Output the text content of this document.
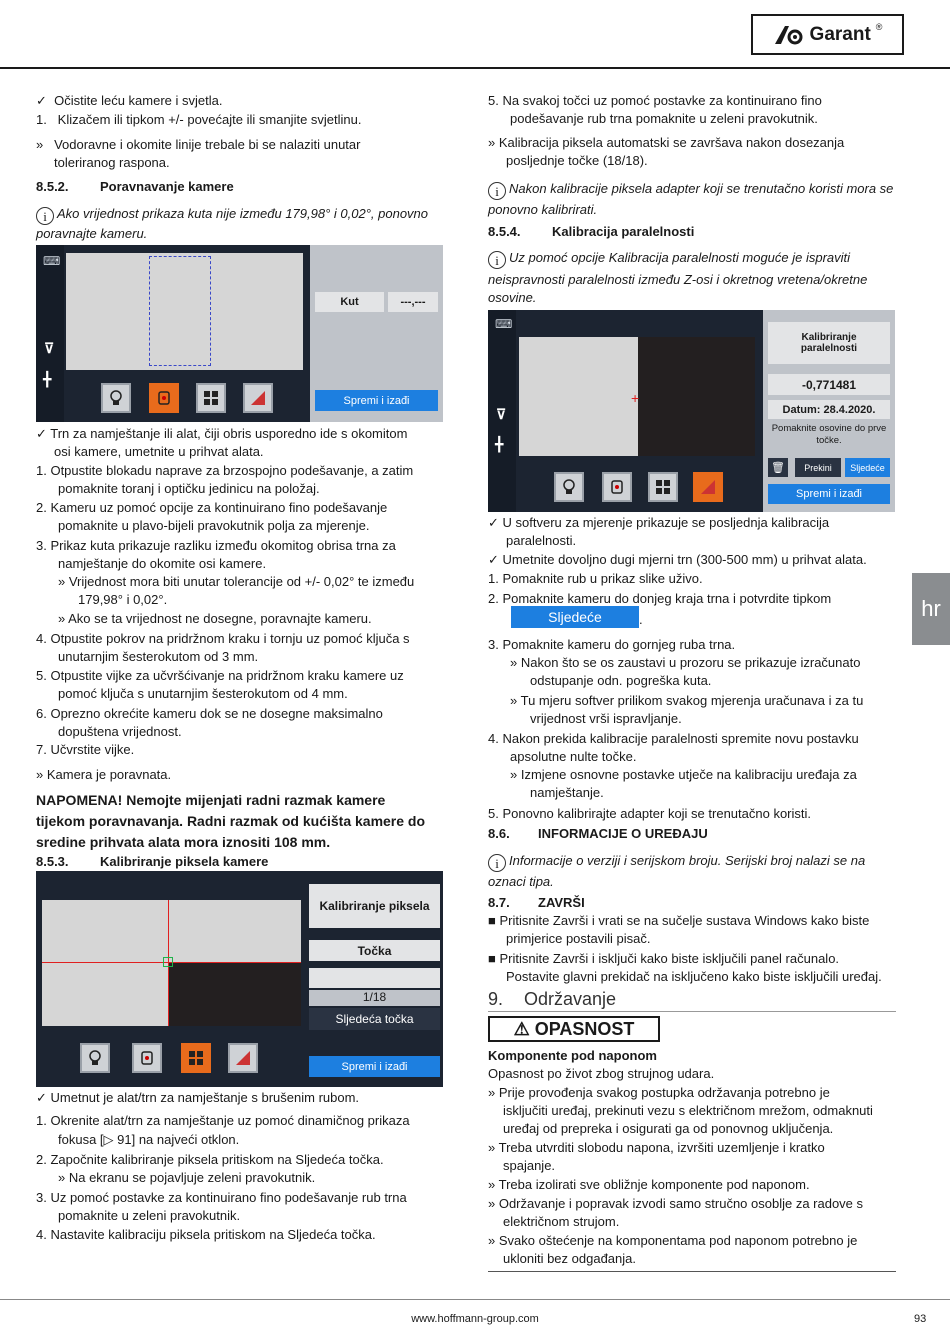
Garant ®
✓  Očistite leću kamere i svjetla.
1.   Klizačem ili tipkom +/- povećajte ili smanjite svjetlinu.
»   Vodoravne i okomite linije trebale bi se nalaziti unutar
toleriranog raspona.
8.5.2. Poravnavanje kamere
i Ako vrijednost prikaza kuta nije između 179,98° i 0,02°, ponovno
poravnajte kameru.
⌨
⊽
╋
Kut	---,---
Spremi i izađi
✓ Trn za namještanje ili alat, čiji obris usporedno ide s okomitom
osi kamere, umetnite u prihvat alata.
1. Otpustite blokadu naprave za brzospojno podešavanje, a zatim
pomaknite toranj i optičku jedinicu na položaj.
2. Kameru uz pomoć opcije za kontinuirano fino podešavanje
pomaknite u plavo-bijeli pravokutnik polja za mjerenje.
3. Prikaz kuta prikazuje razliku između okomitog obrisa trna za
namještanje do okomite osi kamere.
» Vrijednost mora biti unutar tolerancije od +/- 0,02° te između
179,98° i 0,02°.
» Ako se ta vrijednost ne dosegne, poravnajte kameru.
4. Otpustite pokrov na pridržnom kraku i tornju uz pomoć ključa s
unutarnjim šesterokutom od 3 mm.
5. Otpustite vijke za učvršćivanje na pridržnom kraku kamere uz
pomoć ključa s unutarnjim šesterokutom od 4 mm.
6. Oprezno okrećite kameru dok se ne dosegne maksimalno
dopuštena vrijednost.
7. Učvrstite vijke.
» Kamera je poravnata.
NAPOMENA! Nemojte mijenjati radni razmak kamere
tijekom poravnavanja. Radni razmak od kućišta kamere do
sredine prihvata alata mora iznositi 108 mm.
8.5.3. Kalibriranje piksela kamere
Kalibriranje piksela
Točka
1/18
Sljedeća točka
Spremi i izađi
✓ Umetnut je alat/trn za namještanje s brušenim rubom.
1. Okrenite alat/trn za namještanje uz pomoć dinamičnog prikaza
fokusa [▷ 91] na najveći otklon.
2. Započnite kalibriranje piksela pritiskom na Sljedeća točka.
» Na ekranu se pojavljuje zeleni pravokutnik.
3. Uz pomoć postavke za kontinuirano fino podešavanje rub trna
pomaknite u zeleni pravokutnik.
4. Nastavite kalibraciju piksela pritiskom na Sljedeća točka.
5. Na svakoj točci uz pomoć postavke za kontinuirano fino
podešavanje rub trna pomaknite u zeleni pravokutnik.
» Kalibracija piksela automatski se završava nakon dosezanja
posljednje točke (18/18).
i Nakon kalibracije piksela adapter koji se trenutačno koristi mora se
ponovno kalibrirati.
8.5.4. Kalibracija paralelnosti
i Uz pomoć opcije Kalibracija paralelnosti moguće je ispraviti
neispravnosti paralelnosti između Z-osi i okretnog vretena/okretne
osovine.
⌨
⊽
╋
+
Kalibriranje
paralelnosti
-0,771481
Datum: 28.4.2020.
Pomaknite osovine do prve
točke.
🗑	Prekini	Sljedeće
Spremi i izađi
✓ U softveru za mjerenje prikazuje se posljednja kalibracija
paralelnosti.
✓ Umetnite dovoljno dugi mjerni trn (300-500 mm) u prihvat alata.
1. Pomaknite rub u prikaz slike uživo.
2. Pomaknite kameru do donjeg kraja trna i potvrdite tipkom
Sljedeće	.
3. Pomaknite kameru do gornjeg ruba trna.
» Nakon što se os zaustavi u prozoru se prikazuje izračunato
odstupanje odn. pogreška kuta.
» Tu mjeru softver prilikom svakog mjerenja uračunava i za tu
vrijednost vrši ispravljanje.
4. Nakon prekida kalibracije paralelnosti spremite novu postavku
apsolutne nulte točke.
» Izmjene osnovne postavke utječe na kalibraciju uređaja za
namještanje.
5. Ponovno kalibrirajte adapter koji se trenutačno koristi.
8.6. INFORMACIJE O UREĐAJU
i Informacije o verziji i serijskom broju. Serijski broj nalazi se na
oznaci tipa.
8.7. ZAVRŠI
■ Pritisnite Završi i vrati se na sučelje sustava Windows kako biste
primjerice postavili pisač.
■ Pritisnite Završi i isključi kako biste isključili panel računalo.
Postavite glavni prekidač na isključeno kako biste isključili uređaj.
9. Održavanje
⚠ OPASNOST
Komponente pod naponom
Opasnost po život zbog strujnog udara.
» Prije provođenja svakog postupka održavanja potrebno je
isključiti uređaj, prekinuti vezu s električnom mrežom, odmaknuti
uređaj od prepreka i osigurati ga od ponovnog uključenja.
» Treba utvrditi slobodu napona, izvršiti uzemljenje i kratko
spajanje.
» Treba izolirati sve obližnje komponente pod naponom.
» Održavanje i popravak izvodi samo stručno osoblje za radove s
električnom strujom.
» Svako oštećenje na komponentama pod naponom potrebno je
ukloniti bez odgađanja.
hr
www.hoffmann-group.com	93
